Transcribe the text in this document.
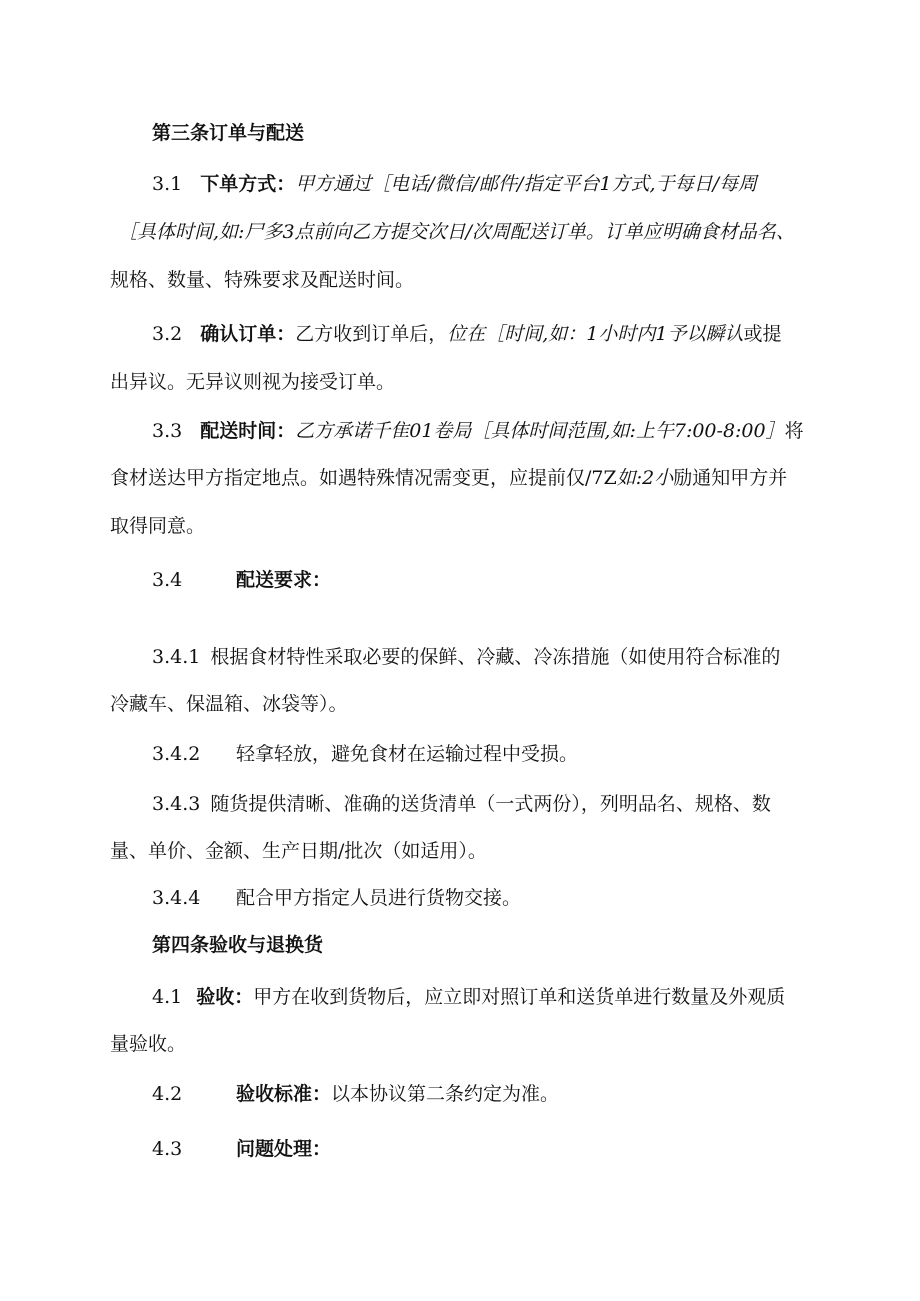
第三条订单与配送
3.1 下单方式：甲方通过［电话/微信/邮件/指定平台1方式,于每日/每周
［具体时间,如:尸多3点前向乙方提交次日/次周配送订单。订单应明确食材品名、
规格、数量、特殊要求及配送时间。
3.2 确认订单：乙方收到订单后，位在［时间,如：1小时内1予以瞬认或提
出异议。无异议则视为接受订单。
3.3 配送时间：乙方承诺千隹01卷局［具体时间范围,如:上午7:00-8:00］将
食材送达甲方指定地点。如遇特殊情况需变更，应提前仅/7Z如:2小励通知甲方并
取得同意。
3.4	配送要求：
3.4.1 根据食材特性采取必要的保鲜、冷藏、冷冻措施（如使用符合标准的
冷藏车、保温箱、冰袋等）。
3.4.2 轻拿轻放，避免食材在运输过程中受损。
3.4.3 随货提供清晰、准确的送货清单（一式两份），列明品名、规格、数
量、单价、金额、生产日期/批次（如适用）。
3.4.4 配合甲方指定人员进行货物交接。
第四条验收与退换货
4.1 验收：甲方在收到货物后，应立即对照订单和送货单进行数量及外观质
量验收。
4.2	验收标准：以本协议第二条约定为准。
4.3	问题处理：
